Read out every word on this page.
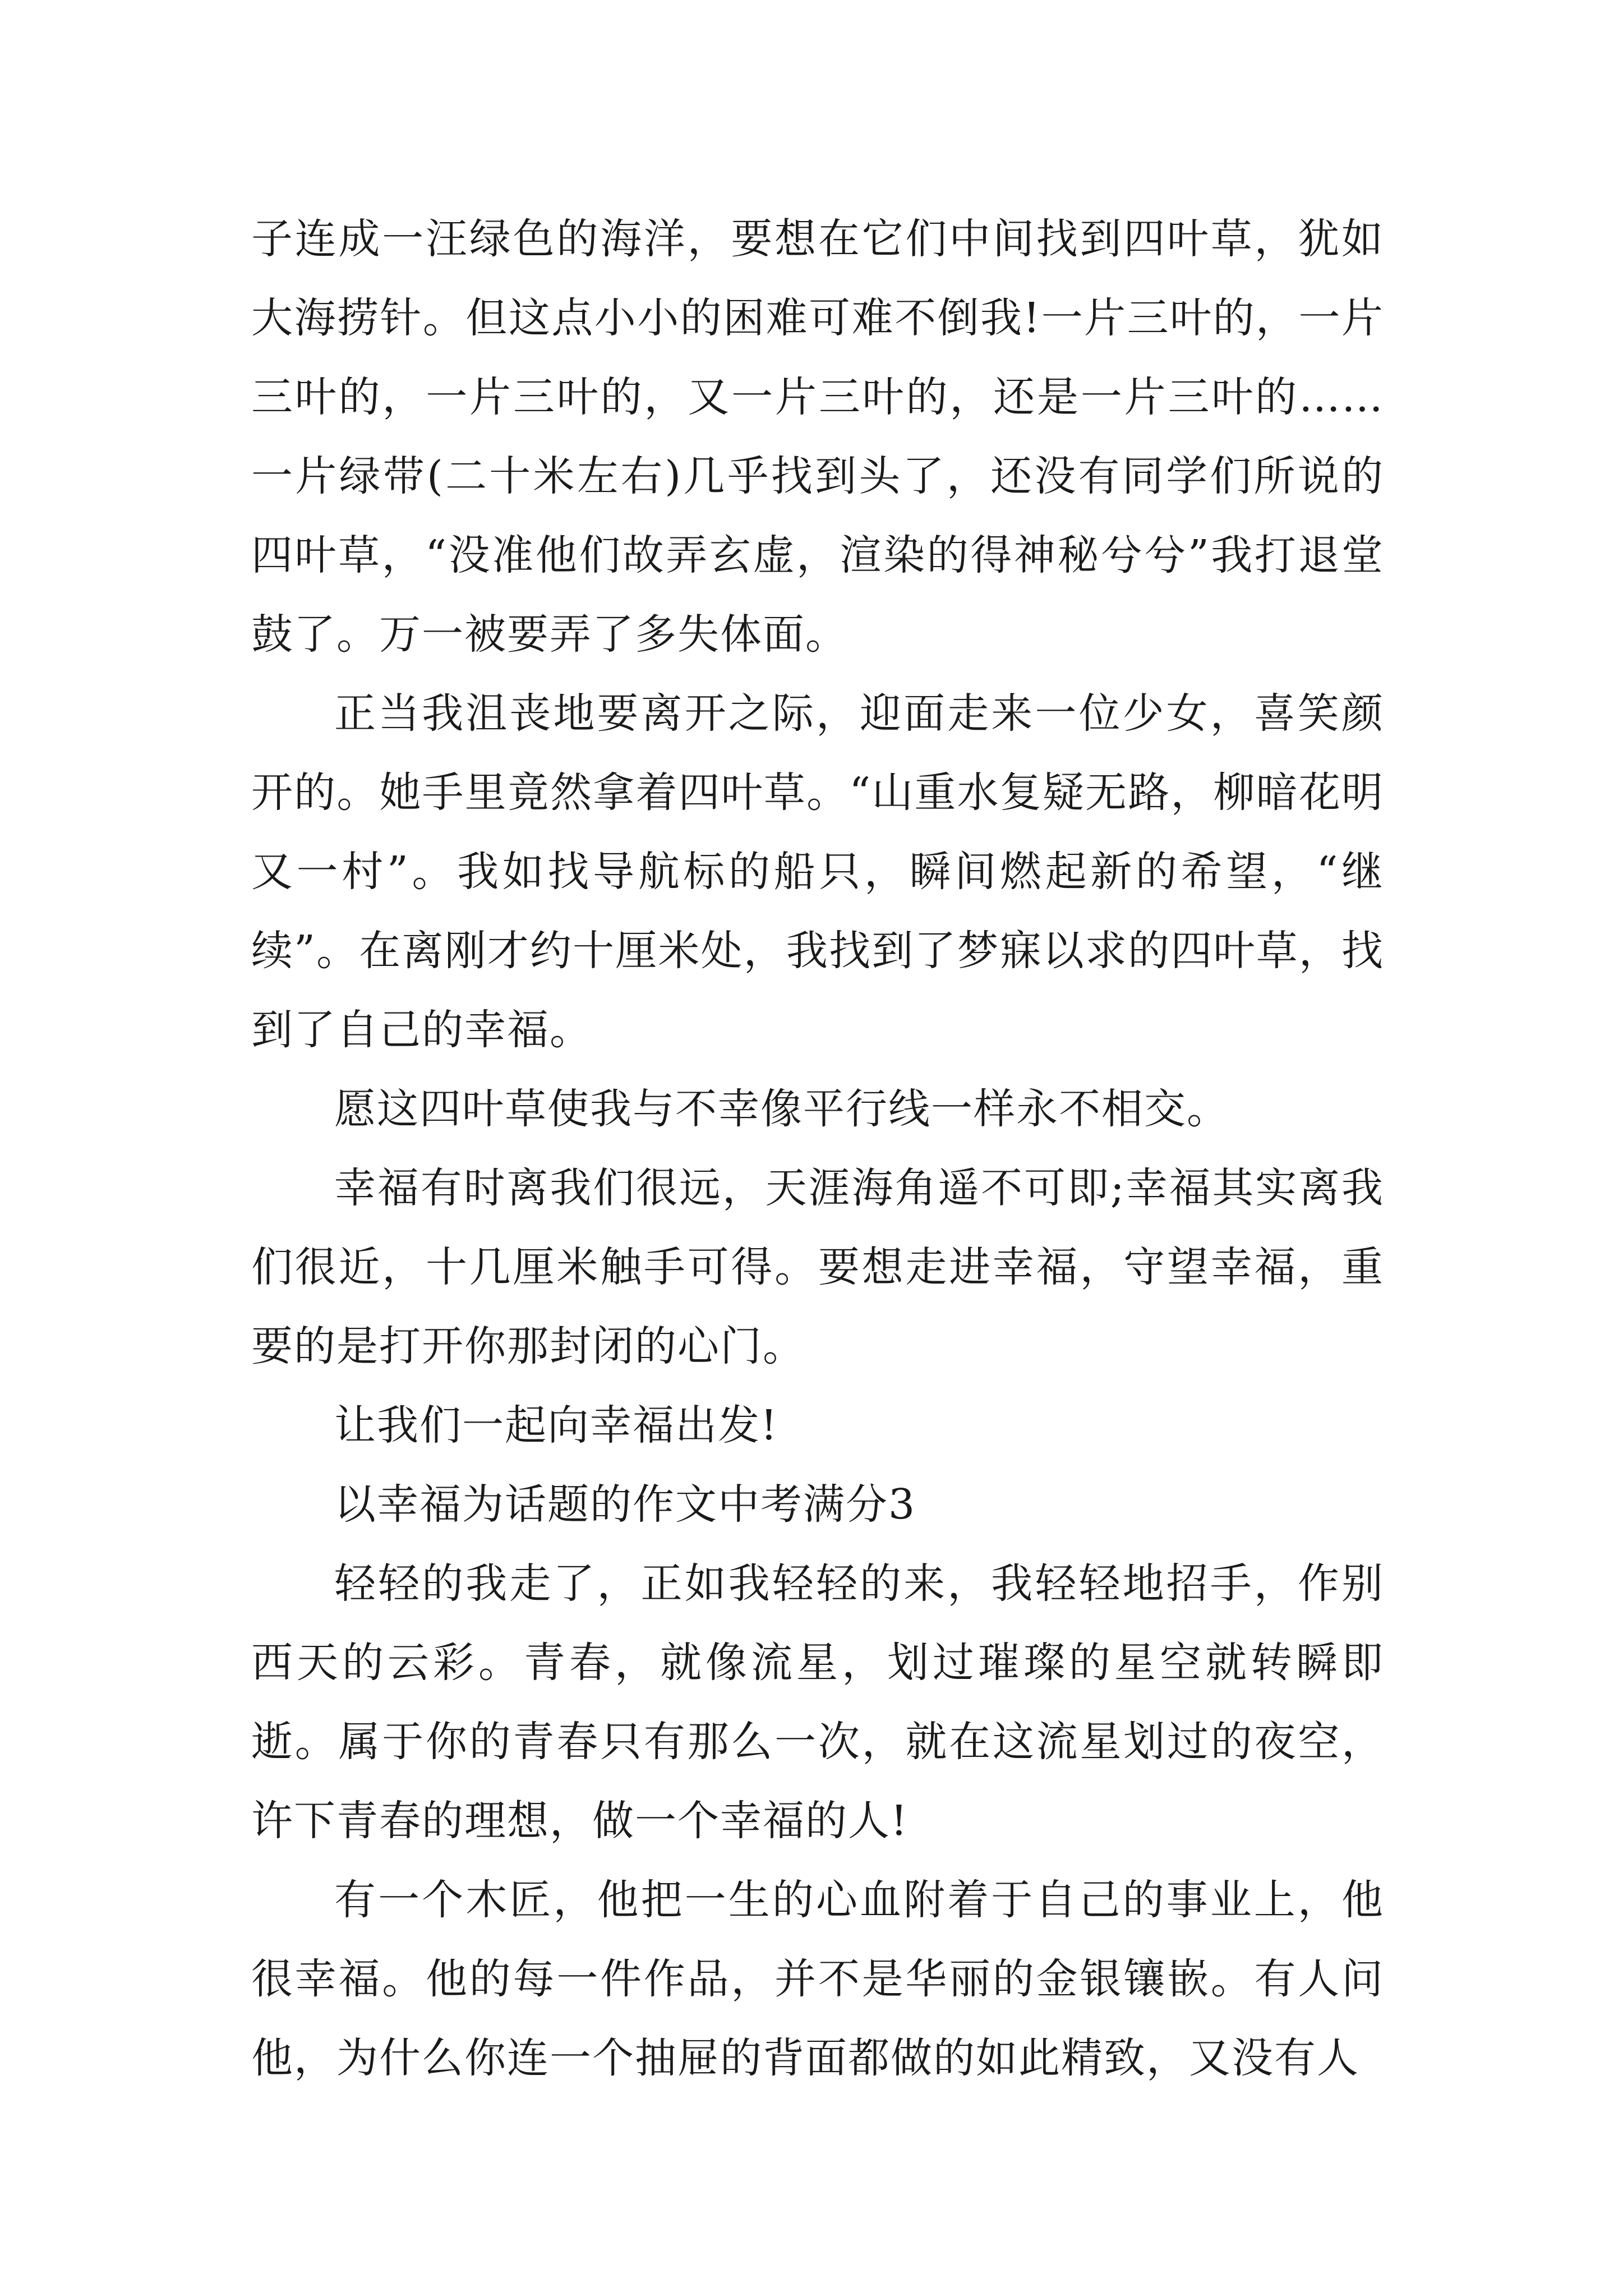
子连成一汪绿色的海洋，要想在它们中间找到四叶草，犹如大海捞针。但这点小小的困难可难不倒我!一片三叶的，一片三叶的，一片三叶的，又一片三叶的，还是一片三叶的……一片绿带(二十米左右)几乎找到头了，还没有同学们所说的四叶草，“没准他们故弄玄虚，渲染的得神秘兮兮”我打退堂鼓了。万一被要弄了多失体面。

正当我沮丧地要离开之际，迎面走来一位少女，喜笑颜开的。她手里竟然拿着四叶草。“山重水复疑无路，柳暗花明又一村”。我如找导航标的船只，瞬间燃起新的希望，“继续”。在离刚才约十厘米处，我找到了梦寐以求的四叶草，找到了自己的幸福。

愿这四叶草使我与不幸像平行线一样永不相交。

幸福有时离我们很远，天涯海角遥不可即;幸福其实离我们很近，十几厘米触手可得。要想走进幸福，守望幸福，重要的是打开你那封闭的心门。

让我们一起向幸福出发!

以幸福为话题的作文中考满分3

轻轻的我走了，正如我轻轻的来，我轻轻地招手，作别西天的云彩。青春，就像流星，划过璀璨的星空就转瞬即逝。属于你的青春只有那么一次，就在这流星划过的夜空，许下青春的理想，做一个幸福的人!

有一个木匠，他把一生的心血附着于自己的事业上，他很幸福。他的每一件作品，并不是华丽的金银镶嵌。有人问他，为什么你连一个抽屉的背面都做的如此精致，又没有人
